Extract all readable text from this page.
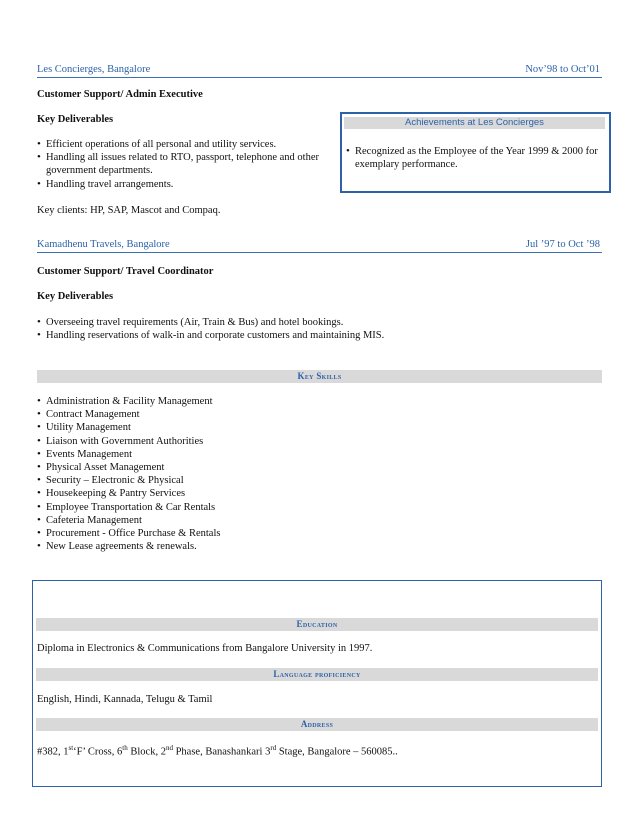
Les Concierges, Bangalore	Nov’98 to Oct’01
Customer Support/ Admin Executive
Key Deliverables
• Efficient operations of all personal and utility services.
• Handling all issues related to RTO, passport, telephone and other government departments.
• Handling travel arrangements.
Key clients: HP, SAP, Mascot and Compaq.
Achievements at Les Concierges
• Recognized as the Employee of the Year 1999 & 2000 for exemplary performance.
Kamadhenu Travels, Bangalore	Jul ’97 to Oct ’98
Customer Support/ Travel Coordinator
Key Deliverables
• Overseeing travel requirements (Air, Train & Bus) and hotel bookings.
• Handling reservations of walk-in and corporate customers and maintaining MIS.
Key Skills
• Administration & Facility Management
• Contract Management
• Utility Management
• Liaison with Government Authorities
• Events Management
• Physical Asset Management
• Security – Electronic & Physical
• Housekeeping & Pantry Services
• Employee Transportation & Car Rentals
• Cafeteria Management
• Procurement - Office Purchase & Rentals
• New Lease agreements & renewals.
Education
Diploma in Electronics & Communications from Bangalore University in 1997.
Language proficiency
English, Hindi, Kannada, Telugu & Tamil
Address
#382, 1st‘F’ Cross, 6th Block, 2nd Phase, Banashankari 3rd Stage, Bangalore – 560085..
